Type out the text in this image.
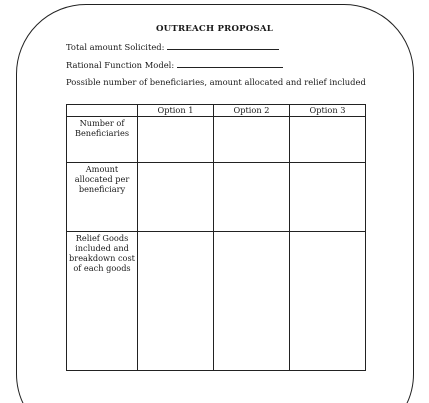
OUTREACH PROPOSAL
Total amount Solicited:
Rational Function Model:
Possible number of beneficiaries, amount allocated and relief included
	Option 1	Option 2	Option 3
Number of Beneficiaries			
Amount allocated per beneficiary			
Relief Goods included and breakdown cost of each goods			
